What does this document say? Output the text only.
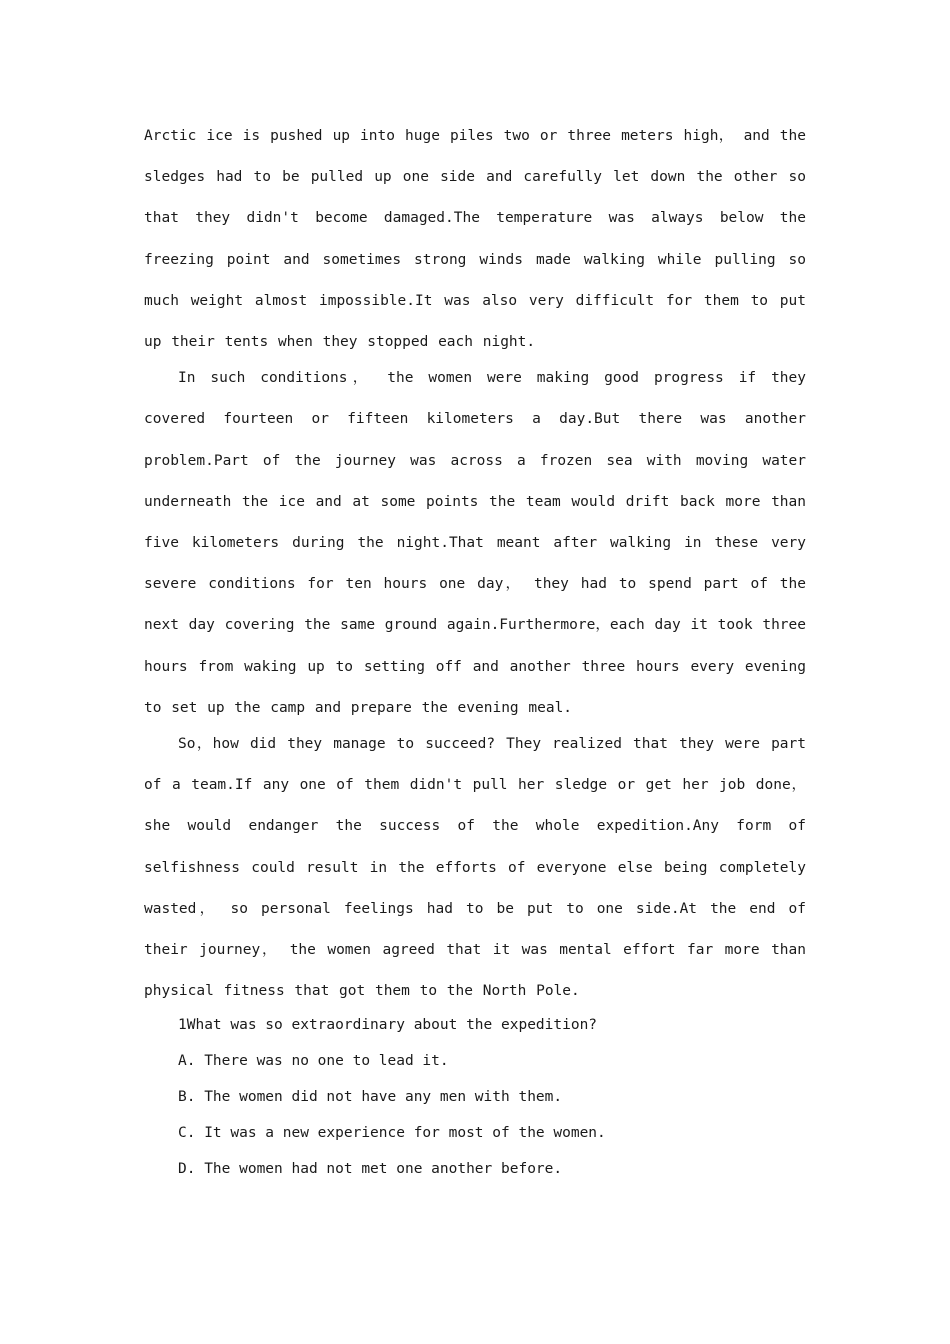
Arctic ice is pushed up into huge piles two or three meters high， and the sledges had to be pulled up one side and carefully let down the other so that they didn't become damaged.The temperature was always below the freezing point and sometimes strong winds made walking while pulling so much weight almost impossible.It was also very difficult for them to put up their tents when they stopped each night.

In such conditions， the women were making good progress if they covered fourteen or fifteen kilometers a day.But there was another problem.Part of the journey was across a frozen sea with moving water underneath the ice and at some points the team would drift back more than five kilometers during the night.That meant after walking in these very severe conditions for ten hours one day， they had to spend part of the next day covering the same ground again.Furthermore，each day it took three hours from waking up to setting off and another three hours every evening to set up the camp and prepare the evening meal.

So，how did they manage to succeed? They realized that they were part of a team.If any one of them didn't pull her sledge or get her job done， she would endanger the success of the whole expedition.Any form of selfishness could result in the efforts of everyone else being completely wasted， so personal feelings had to be put to one side.At the end of their journey， the women agreed that it was mental effort far more than physical fitness that got them to the North Pole.

1What was so extraordinary about the expedition?
A. There was no one to lead it.
B. The women did not have any men with them.
C. It was a new experience for most of the women.
D. The women had not met one another before.
